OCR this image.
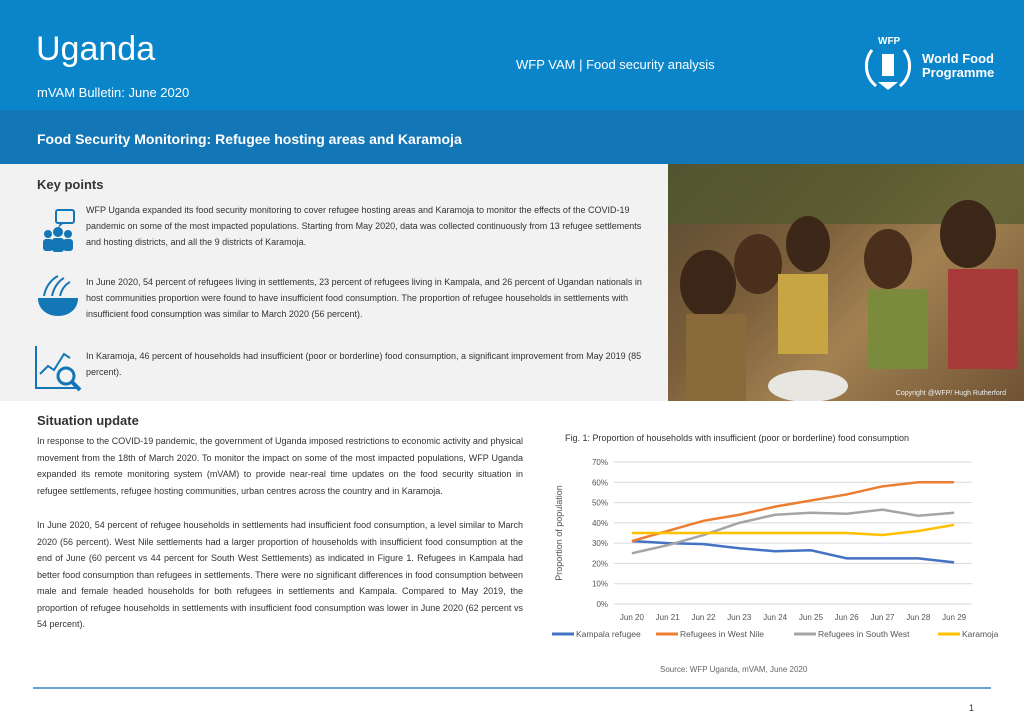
Uganda
mVAM Bulletin: June 2020
WFP VAM | Food security analysis
WFP
World Food Programme
Food Security Monitoring: Refugee hosting areas and Karamoja
Key points
WFP Uganda expanded its food security monitoring to cover refugee hosting areas and Karamoja to monitor the effects of the COVID-19 pandemic on some of the most impacted populations. Starting from May 2020, data was collected continuously from 13 refugee settlements and hosting districts, and all the 9 districts of Karamoja.
In June 2020, 54 percent of refugees living in settlements, 23 percent of refugees living in Kampala, and 26 percent of Ugandan nationals in host communities proportion were found to have insufficient food consumption. The proportion of refugee households in settlements with insufficient food consumption was similar to March 2020 (56 percent).
In Karamoja, 46 percent of households had insufficient (poor or borderline) food consumption, a significant improvement from May 2019 (85 percent).
Copyright @WFP/ Hugh Rutherford
Situation update
In response to the COVID-19 pandemic, the government of Uganda imposed restrictions to economic activity and physical movement from the 18th of March 2020. To monitor the impact on some of the most impacted populations, WFP Uganda expanded its remote monitoring system (mVAM) to provide near-real time updates on the food security situation in refugee settlements, refugee hosting communities, urban centres across the country and in Karamoja.
In June 2020, 54 percent of refugee households in settlements had insufficient food consumption, a level similar to March 2020 (56 percent). West Nile settlements had a larger proportion of households with insufficient food consumption at the end of June (60 percent vs 44 percent for South West Settlements) as indicated in Figure 1. Refugees in Kampala had better food consumption than refugees in settlements. There were no significant differences in food consumption between male and female headed households for both refugees in settlements and Kampala. Compared to May 2019, the proportion of refugee households in settlements with insufficient food consumption was lower in June 2020 (62 percent vs 54 percent).
Fig. 1: Proportion of households with insufficient (poor or borderline) food consumption
0%
10%
20%
30%
40%
50%
60%
70%
Jun 20 Jun 21 Jun 22 Jun 23 Jun 24 Jun 25 Jun 26 Jun 27 Jun 28 Jun 29
Proportion of population
Kampala refugee	Refugees in West Nile	Refugees in South West	Karamoja
Source: WFP Uganda, mVAM, June 2020
1
